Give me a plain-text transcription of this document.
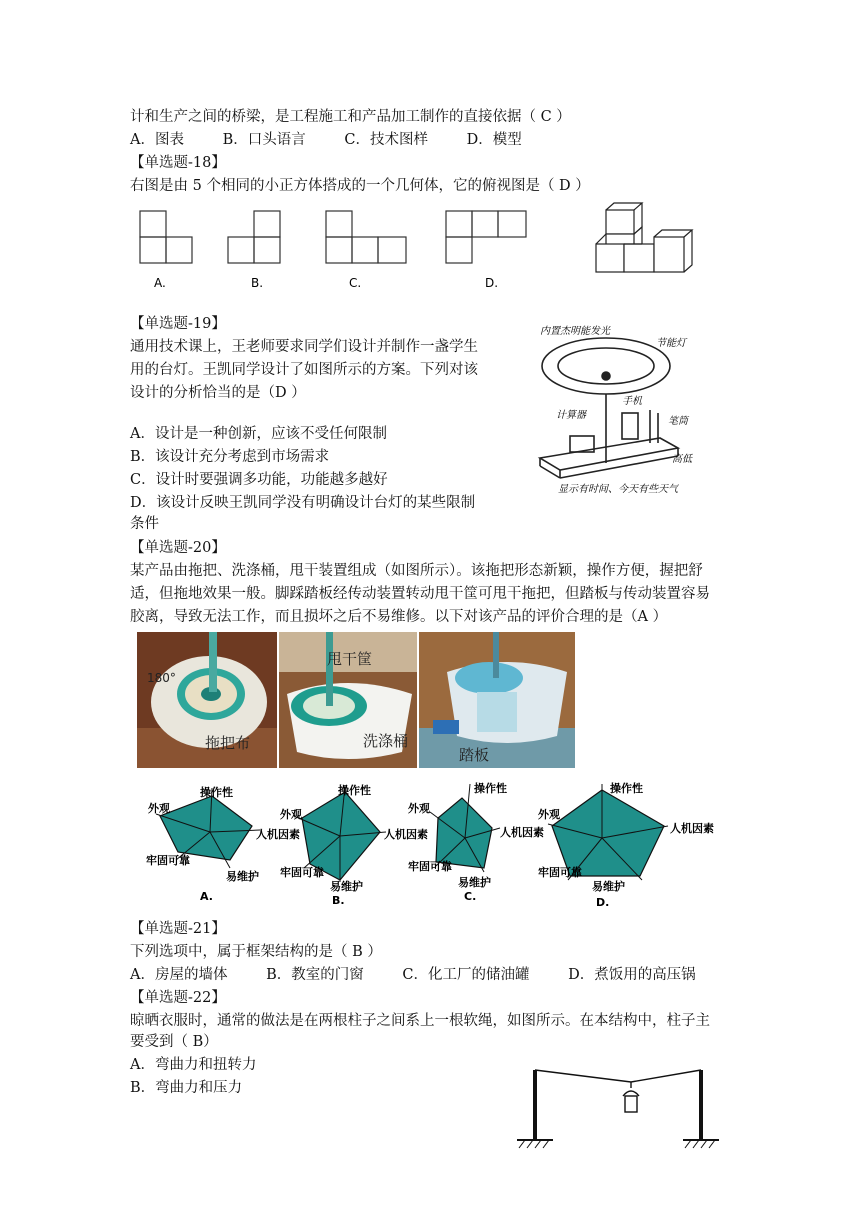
计和生产之间的桥梁，是工程施工和产品加工制作的直接依据（ C ）
A．图表	B．口头语言	C．技术图样	D．模型
【单选题-18】
右图是由 5 个相同的小正方体搭成的一个几何体，它的俯视图是（ D ）
A.	B.	C.	D.
【单选题-19】
通用技术课上，王老师要求同学们设计并制作一盏学生
用的台灯。王凯同学设计了如图所示的方案。下列对该
设计的分析恰当的是（D ）
A．设计是一种创新，应该不受任何限制
B．该设计充分考虑到市场需求
C．设计时要强调多功能，功能越多越好
D．该设计反映王凯同学没有明确设计台灯的某些限制
条件
内置杰明能发光
节能灯
计算器
手机
笔筒
高低
显示有时间、今天有些天气
【单选题-20】
某产品由拖把、洗涤桶，甩干装置组成（如图所示）。该拖把形态新颖，操作方便，握把舒
适，但拖地效果一般。脚踩踏板经传动装置转动甩干筐可甩干拖把，但踏板与传动装置容易
胶离，导致无法工作，而且损坏之后不易维修。以下对该产品的评价合理的是（A ）
180°
拖把布
甩干筐
洗涤桶
踏板
操作性
人机因素
易维护
牢固可靠
外观
A.
操作性
人机因素
易维护
牢固可靠
外观
B.
操作性
人机因素
易维护
牢固可靠
外观
C.
操作性
人机因素
易维护
牢固可靠
外观
D.
【单选题-21】
下列选项中，属于框架结构的是（ B ）
A．房屋的墙体	B．教室的门窗	C．化工厂的储油罐	D．煮饭用的高压锅
【单选题-22】
晾晒衣服时，通常的做法是在两根柱子之间系上一根软绳，如图所示。在本结构中，柱子主
要受到（ B）
A．弯曲力和扭转力
B．弯曲力和压力
